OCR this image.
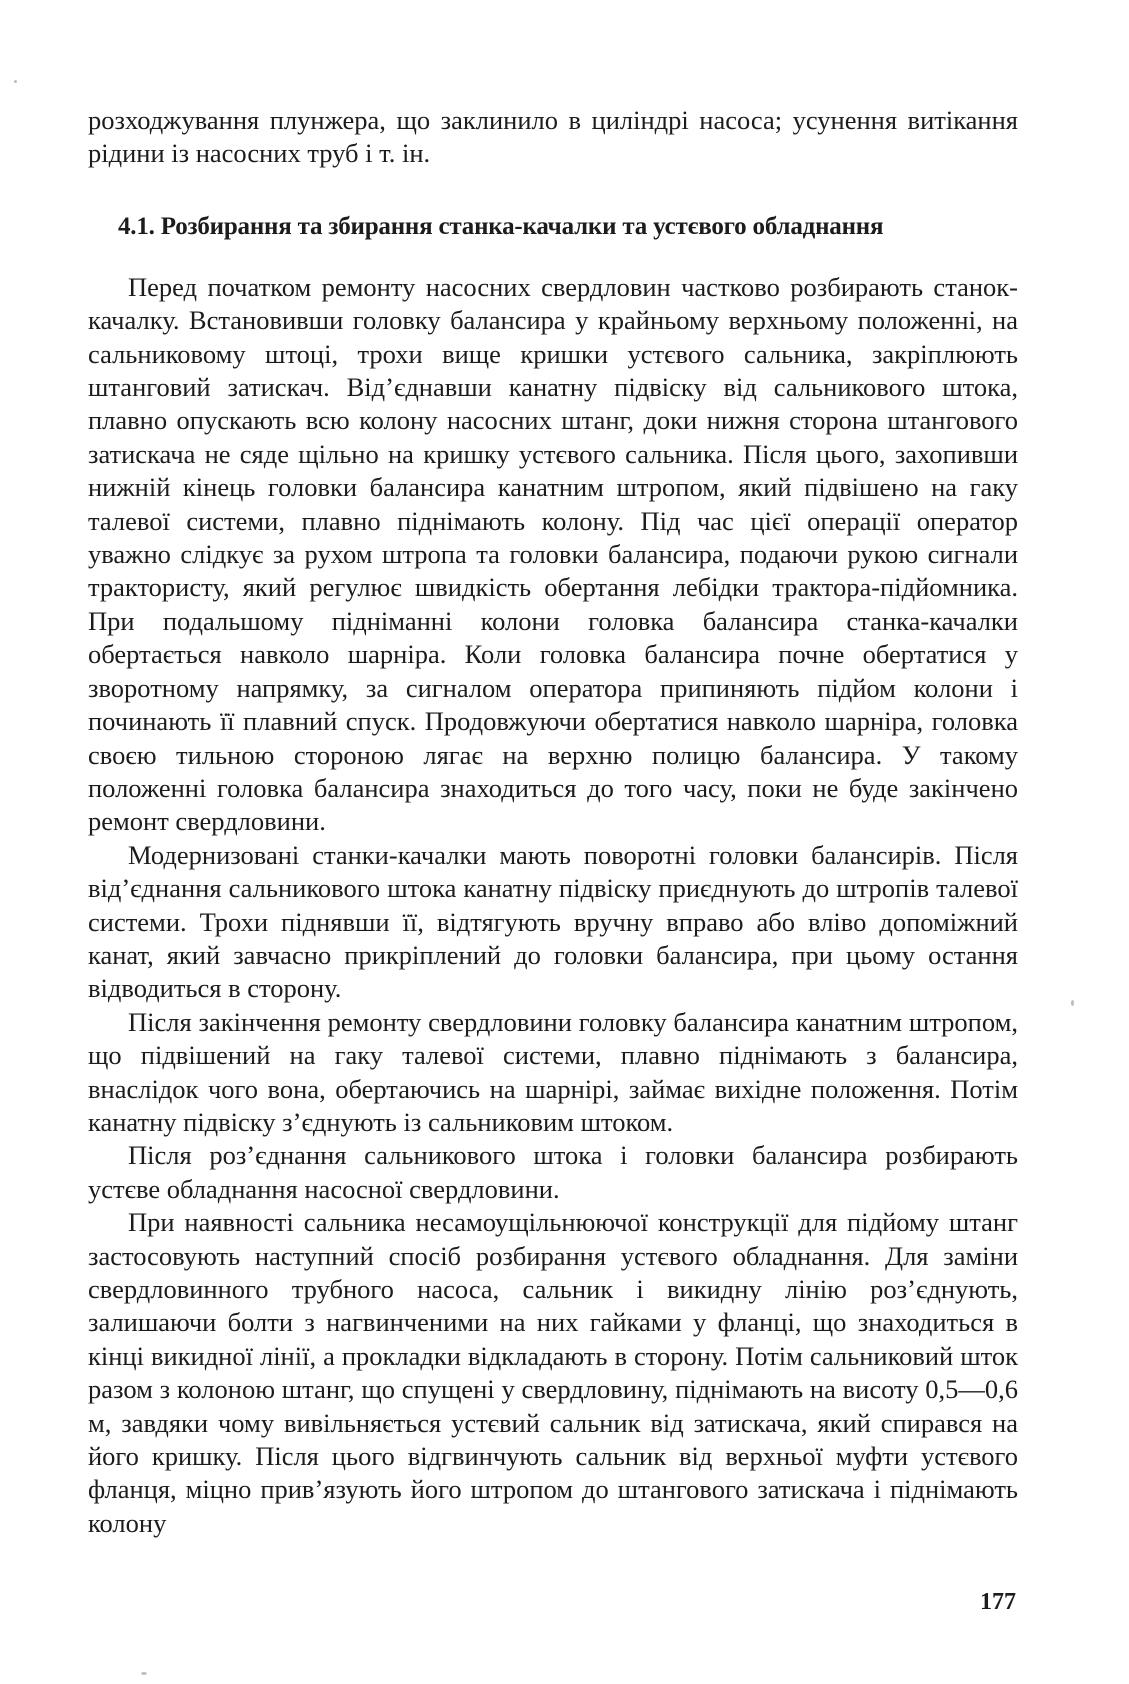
розходжування плунжера, що заклинило в циліндрі насоса; усунення витікання рідини із насосних труб і т. ін.

4.1. Розбирання та збирання станка-качалки та устєвого обладнання

Перед початком ремонту насосних свердловин частково розбирають станок-качалку. Встановивши головку балансира у крайньому верхньому положенні, на сальниковому штоці, трохи вище кришки устєвого сальника, закріплюють штанговий затискач. Від’єднавши канатну підвіску від сальникового штока, плавно опускають всю колону насосних штанг, доки нижня сторона штангового затискача не сяде щільно на кришку устєвого сальника. Після цього, захопивши нижній кінець головки балансира канатним штропом, який підвішено на гаку талевої системи, плавно піднімають колону. Під час цієї операції оператор уважно слідкує за рухом штропа та головки балансира, подаючи рукою сигнали трактористу, який регулює швидкість обертання лебідки трактора-підйомника. При подальшому підніманні колони головка балансира станка-качалки обертається навколо шарніра. Коли головка балансира почне обертатися у зворотному напрямку, за сигналом оператора припиняють підйом колони і починають її плавний спуск. Продовжуючи обертатися навколо шарніра, головка своєю тильною стороною лягає на верхню полицю балансира. У такому положенні головка балансира знаходиться до того часу, поки не буде закінчено ремонт свердловини.

Модернизовані станки-качалки мають поворотні головки балансирів. Після від’єднання сальникового штока канатну підвіску приєднують до штропів талевої системи. Трохи піднявши її, відтягують вручну вправо або вліво допоміжний канат, який завчасно прикріплений до головки балансира, при цьому остання відводиться в сторону.

Після закінчення ремонту свердловини головку балансира канатним штропом, що підвішений на гаку талевої системи, плавно піднімають з балансира, внаслідок чого вона, обертаючись на шарнірі, займає вихідне положення. Потім канатну підвіску з’єднують із сальниковим штоком.

Після роз’єднання сальникового штока і головки балансира розбирають устєве обладнання насосної свердловини.

При наявності сальника несамоущільнюючої конструкції для підйому штанг застосовують наступний спосіб розбирання устєвого обладнання. Для заміни свердловинного трубного насоса, сальник і викидну лінію роз’єднують, залишаючи болти з нагвинченими на них гайками у фланці, що знаходиться в кінці викидної лінії, а прокладки відкладають в сторону. Потім сальниковий шток разом з колоною штанг, що спущені у свердловину, піднімають на висоту 0,5—0,6 м, завдяки чому вивільняється устєвий сальник від затискача, який спирався на його кришку. Після цього відгвинчують сальник від верхньої муфти устєвого фланця, міцно прив’язують його штропом до штангового затискача і піднімають колону

177
